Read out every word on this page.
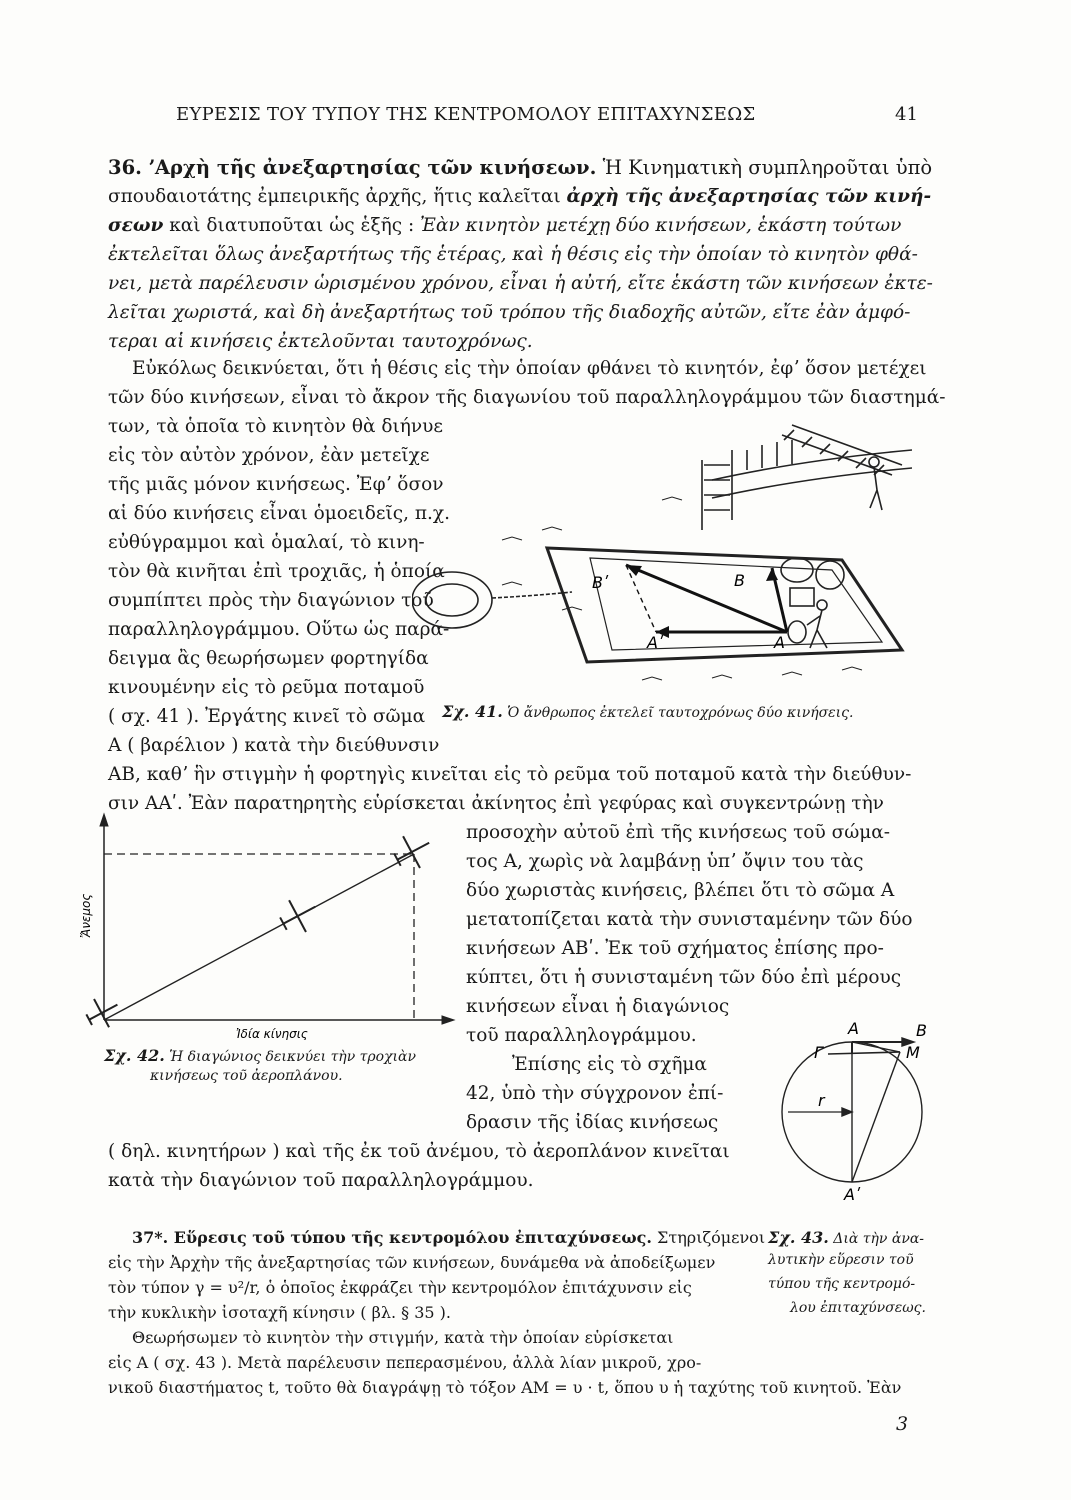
ΕΥΡΕΣΙΣ ΤΟΥ ΤΥΠΟΥ ΤΗΣ ΚΕΝΤΡΟΜΟΛΟΥ ΕΠΙΤΑΧΥΝΣΕΩΣ	41
36. ʼΑρχὴ τῆς ἀνεξαρτησίας τῶν κινήσεων. Ἡ Κινηματικὴ συμπληροῦται ὑπὸ
σπουδαιοτάτης ἐμπειρικῆς ἀρχῆς, ἥτις καλεῖται ἀρχὴ τῆς ἀνεξαρτησίας τῶν κινή-
σεων καὶ διατυποῦται ὡς ἑξῆς : Ἐὰν κινητὸν μετέχῃ δύο κινήσεων, ἑκάστη τούτων
ἐκτελεῖται ὅλως ἀνεξαρτήτως τῆς ἑτέρας, καὶ ἡ θέσις εἰς τὴν ὁποίαν τὸ κινητὸν φθά-
νει, μετὰ παρέλευσιν ὡρισμένου χρόνου, εἶναι ἡ αὐτή, εἴτε ἑκάστη τῶν κινήσεων ἐκτε-
λεῖται χωριστά, καὶ δὴ ἀνεξαρτήτως τοῦ τρόπου τῆς διαδοχῆς αὐτῶν, εἴτε ἐὰν ἀμφό-
τεραι αἱ κινήσεις ἐκτελοῦνται ταυτοχρόνως.
Εὐκόλως δεικνύεται, ὅτι ἡ θέσις εἰς τὴν ὁποίαν φθάνει τὸ κινητόν, ἐφʼ ὅσον μετέχει
τῶν δύο κινήσεων, εἶναι τὸ ἄκρον τῆς διαγωνίου τοῦ παραλληλογράμμου τῶν διαστημά-
των, τὰ ὁποῖα τὸ κινητὸν θὰ διήνυε
εἰς τὸν αὐτὸν χρόνον, ἐὰν μετεῖχε
τῆς μιᾶς μόνον κινήσεως. Ἐφʼ ὅσον
αἱ δύο κινήσεις εἶναι ὁμοειδεῖς, π.χ.
εὐθύγραμμοι καὶ ὁμαλαί, τὸ κινη-
τὸν θὰ κινῆται ἐπὶ τροχιᾶς, ἡ ὁποία
συμπίπτει πρὸς τὴν διαγώνιον τοῦ
παραλληλογράμμου. Οὕτω ὡς παρά-
δειγμα ἂς θεωρήσωμεν φορτηγίδα
κινουμένην εἰς τὸ ρεῦμα ποταμοῦ
( σχ. 41 ). Ἐργάτης κινεῖ τὸ σῶμα
Α ( βαρέλιον ) κατὰ τὴν διεύθυνσιν
Βʹ	Β
Αʹ	Α
Σχ. 41. Ὁ ἄνθρωπος ἐκτελεῖ ταυτοχρόνως δύο κινήσεις.
ΑΒ, καθʼ ἣν στιγμὴν ἡ φορτηγὶς κινεῖται εἰς τὸ ρεῦμα τοῦ ποταμοῦ κατὰ τὴν διεύθυν-
σιν ΑΑʹ. Ἐὰν παρατηρητὴς εὑρίσκεται ἀκίνητος ἐπὶ γεφύρας καὶ συγκεντρώνῃ τὴν
προσοχὴν αὐτοῦ ἐπὶ τῆς κινήσεως τοῦ σώμα-
τος Α, χωρὶς νὰ λαμβάνῃ ὑπʼ ὄψιν του τὰς
δύο χωριστὰς κινήσεις, βλέπει ὅτι τὸ σῶμα Α
μετατοπίζεται κατὰ τὴν συνισταμένην τῶν δύο
κινήσεων ΑΒʹ. Ἐκ τοῦ σχήματος ἐπίσης προ-
κύπτει, ὅτι ἡ συνισταμένη τῶν δύο ἐπὶ μέρους
κινήσεων εἶναι ἡ διαγώνιος
τοῦ παραλληλογράμμου.
Ἐπίσης εἰς τὸ σχῆμα
42, ὑπὸ τὴν σύγχρονον ἐπί-
δρασιν τῆς ἰδίας κινήσεως
( δηλ. κινητήρων ) καὶ τῆς ἐκ τοῦ ἀνέμου, τὸ ἀεροπλάνον κινεῖται
κατὰ τὴν διαγώνιον τοῦ παραλληλογράμμου.
Ἄνεμος
Ἰδία κίνησις
Σχ. 42. Ἡ διαγώνιος δεικνύει τὴν τροχιὰν
κινήσεως τοῦ ἀεροπλάνου.
Α	Β
Γ	Μ
r
Αʹ
Σχ. 43. Διὰ τὴν ἀνα-
λυτικὴν εὕρεσιν τοῦ
τύπου τῆς κεντρομό-
λου ἐπιταχύνσεως.
37*. Εὕρεσις τοῦ τύπου τῆς κεντρομόλου ἐπιταχύνσεως. Στηριζόμενοι
εἰς τὴν Ἀρχὴν τῆς ἀνεξαρτησίας τῶν κινήσεων, δυνάμεθα νὰ ἀποδείξωμεν
τὸν τύπον γ = υ²/r, ὁ ὁποῖος ἐκφράζει τὴν κεντρομόλον ἐπιτάχυνσιν εἰς
τὴν κυκλικὴν ἰσοταχῆ κίνησιν ( βλ. § 35 ).
Θεωρήσωμεν τὸ κινητὸν τὴν στιγμήν, κατὰ τὴν ὁποίαν εὑρίσκεται
εἰς Α ( σχ. 43 ). Μετὰ παρέλευσιν πεπερασμένου, ἀλλὰ λίαν μικροῦ, χρο-
νικοῦ διαστήματος t, τοῦτο θὰ διαγράψῃ τὸ τόξον ΑΜ = υ · t, ὅπου υ ἡ ταχύτης τοῦ κινητοῦ. Ἐὰν
3
